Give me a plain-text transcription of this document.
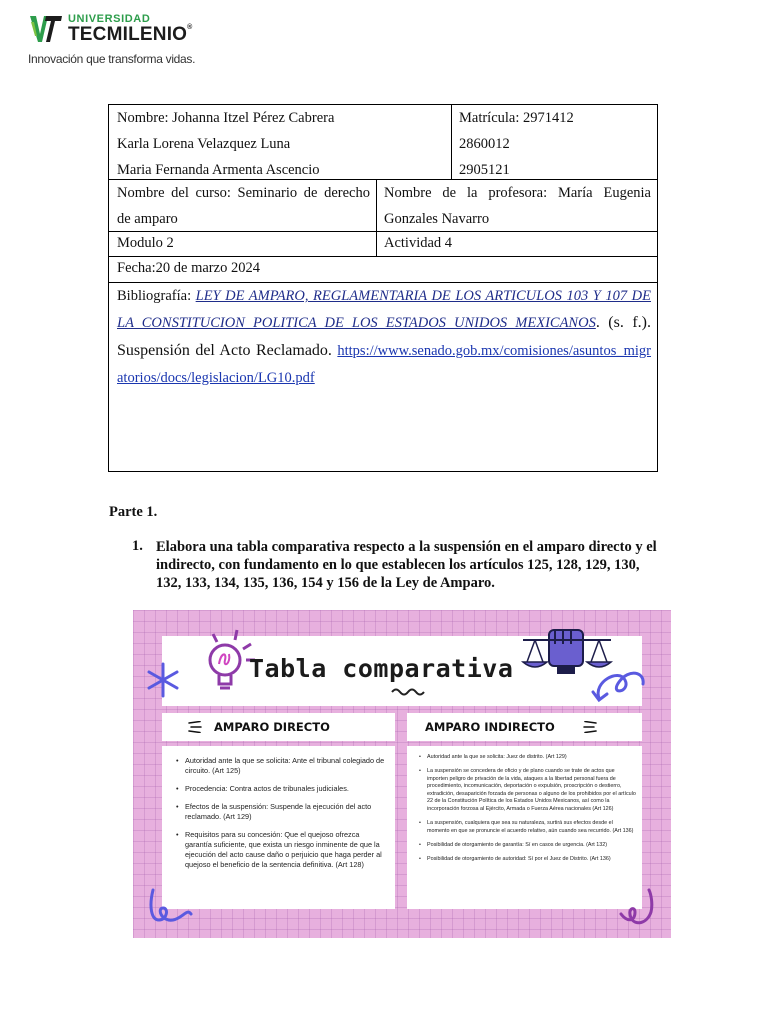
UNIVERSIDAD
TECMILENIO®
Innovación que transforma vidas.
Nombre: Johanna Itzel Pérez Cabrera
Karla Lorena Velazquez Luna
Maria Fernanda Armenta Ascencio
Matrícula: 2971412
2860012
2905121
Nombre del curso: Seminario de derecho de amparo
Nombre de la profesora: María Eugenia Gonzales Navarro
Modulo 2	Actividad 4
Fecha:20 de marzo 2024
Bibliografía: LEY DE AMPARO, REGLAMENTARIA DE LOS ARTICULOS 103 Y 107 DE LA CONSTITUCION POLITICA DE LOS ESTADOS UNIDOS MEXICANOS. (s. f.). Suspensión del Acto Reclamado. https://www.senado.gob.mx/comisiones/asuntos_migratorios/docs/legislacion/LG10.pdf
Parte 1.
1. Elabora una tabla comparativa respecto a la suspensión en el amparo directo y el indirecto, con fundamento en lo que establecen los artículos 125, 128, 129, 130, 132, 133, 134, 135, 136, 154 y 156 de la Ley de Amparo.
Tabla comparativa
AMPARO DIRECTO	AMPARO INDIRECTO
• Autoridad ante la que se solicita: Ante el tribunal colegiado de circuito. (Art 125)
• Procedencia: Contra actos de tribunales judiciales.
• Efectos de la suspensión: Suspende la ejecución del acto reclamado. (Art 129)
• Requisitos para su concesión: Que el quejoso ofrezca garantía suficiente, que exista un riesgo inminente de que la ejecución del acto cause daño o perjuicio que haga perder al quejoso el beneficio de la sentencia definitiva. (Art 128)
• Autoridad ante la que se solicita: Juez de distrito. (Art 129)
• La suspensión se concedera de oficio y de plano cuando se trate de actos que importen peligro de privación de la vida, ataques a la libertad personal fuera de procedimiento, incomunicación, deportación o expulsión, proscripción o destierro, extradición, desaparición forzada de personas o alguno de los prohibidos por el artículo 22 de la Constitución Política de los Estados Unidos Mexicanos, así como la incorporación forzosa al Ejército, Armada o Fuerza Aérea nacionales (Art 126)
• La suspensión, cualquiera que sea su naturaleza, surtirá sus efectos desde el momento en que se pronuncie el acuerdo relativo, aún cuando sea recurrido. (Art 136)
• Posibilidad de otorgamiento de garantía: Sí en casos de urgencia. (Art 132)
• Posibilidad de otorgamiento de autoridad: Sí por el Juez de Distrito. (Art 136)
